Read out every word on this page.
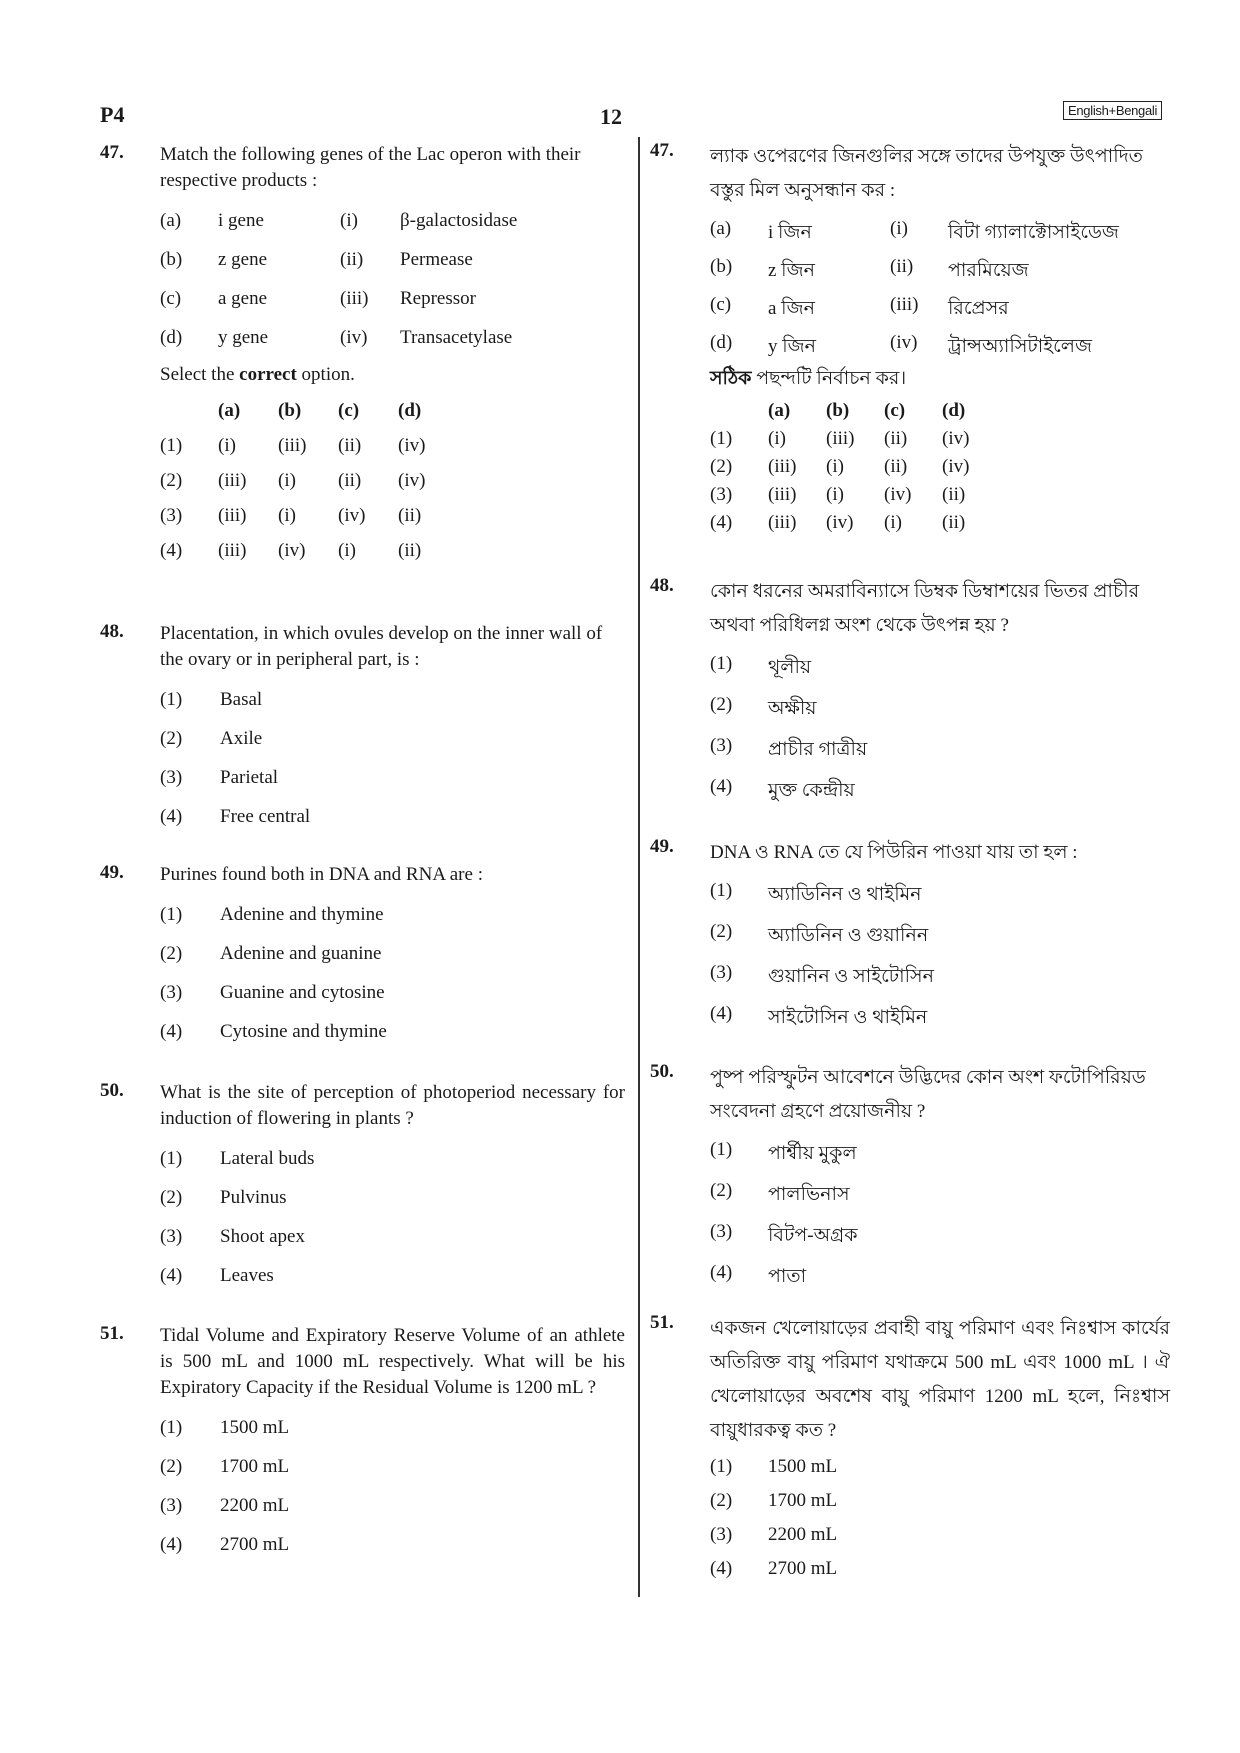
P4	12	English+Bengali
47. Match the following genes of the Lac operon with their respective products :
(a) i gene	(i) β-galactosidase
(b) z gene	(ii) Permease
(c) a gene	(iii) Repressor
(d) y gene	(iv) Transacetylase
Select the correct option.
(a) (b) (c) (d)
(1) (i) (iii) (ii) (iv)
(2) (iii) (i) (ii) (iv)
(3) (iii) (i) (iv) (ii)
(4) (iii) (iv) (i) (ii)
48. Placentation, in which ovules develop on the inner wall of the ovary or in peripheral part, is :
(1) Basal
(2) Axile
(3) Parietal
(4) Free central
49. Purines found both in DNA and RNA are :
(1) Adenine and thymine
(2) Adenine and guanine
(3) Guanine and cytosine
(4) Cytosine and thymine
50. What is the site of perception of photoperiod necessary for induction of flowering in plants ?
(1) Lateral buds
(2) Pulvinus
(3) Shoot apex
(4) Leaves
51. Tidal Volume and Expiratory Reserve Volume of an athlete is 500 mL and 1000 mL respectively. What will be his Expiratory Capacity if the Residual Volume is 1200 mL ?
(1) 1500 mL
(2) 1700 mL
(3) 2200 mL
(4) 2700 mL
47. ল্যাক ওপেরণের জিনগুলির সঙ্গে তাদের উপযুক্ত উৎপাদিত বস্তুর মিল অনুসন্ধান কর :
(a) i জিন	(i) বিটা গ্যালাক্টোসাইডেজ
(b) z জিন	(ii) পারমিয়েজ
(c) a জিন	(iii) রিপ্রেসর
(d) y জিন	(iv) ট্রান্সঅ্যাসিটাইলেজ
সঠিক পছন্দটি নির্বাচন কর।
(a) (b) (c) (d)
(1) (i) (iii) (ii) (iv)
(2) (iii) (i) (ii) (iv)
(3) (iii) (i) (iv) (ii)
(4) (iii) (iv) (i) (ii)
48. কোন ধরনের অমরাবিন্যাসে ডিম্বক ডিম্বাশয়ের ভিতর প্রাচীর অথবা পরিধিলগ্ন অংশ থেকে উৎপন্ন হয় ?
(1) থূলীয়
(2) অক্ষীয়
(3) প্রাচীর গাত্রীয়
(4) মুক্ত কেন্দ্রীয়
49. DNA ও RNA তে যে পিউরিন পাওয়া যায় তা হল :
(1) অ্যাডিনিন ও থাইমিন
(2) অ্যাডিনিন ও গুয়ানিন
(3) গুয়ানিন ও সাইটোসিন
(4) সাইটোসিন ও থাইমিন
50. পুষ্প পরিস্ফুটন আবেশনে উদ্ভিদের কোন অংশ ফটোপিরিয়ড সংবেদনা গ্রহণে প্রয়োজনীয় ?
(1) পার্শ্বীয় মুকুল
(2) পালভিনাস
(3) বিটপ-অগ্রক
(4) পাতা
51. একজন খেলোয়াড়ের প্রবাহী বায়ু পরিমাণ এবং নিঃশ্বাস কার্যের অতিরিক্ত বায়ু পরিমাণ যথাক্রমে 500 mL এবং 1000 mL । ঐ খেলোয়াড়ের অবশেষ বায়ু পরিমাণ 1200 mL হলে, নিঃশ্বাস বায়ুধারকত্ব কত ?
(1) 1500 mL
(2) 1700 mL
(3) 2200 mL
(4) 2700 mL
